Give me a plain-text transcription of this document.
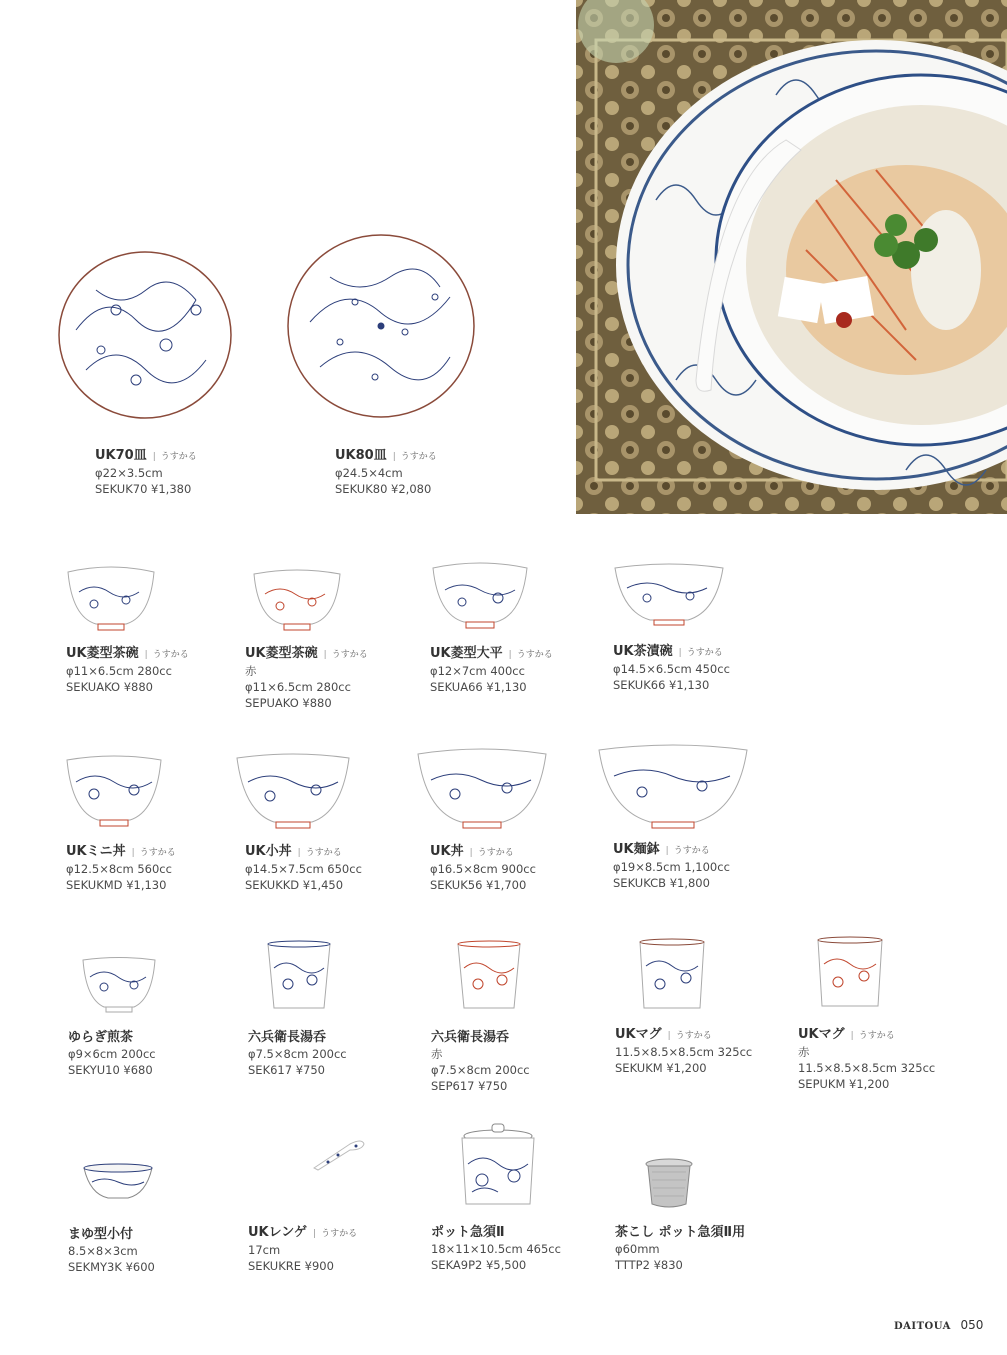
UK70皿 | うすかる
φ22×3.5cm
SEKUK70 ¥1,380
UK80皿 | うすかる
φ24.5×4cm
SEKUK80 ¥2,080
UK菱型茶碗 | うすかる
φ11×6.5cm 280cc
SEKUAKO ¥880
UK菱型茶碗 | うすかる
赤
φ11×6.5cm 280cc
SEPUAKO ¥880
UK菱型大平 | うすかる
φ12×7cm 400cc
SEKUA66 ¥1,130
UK茶漬碗 | うすかる
φ14.5×6.5cm 450cc
SEKUK66 ¥1,130
UKミニ丼 | うすかる
φ12.5×8cm 560cc
SEKUKMD ¥1,130
UK小丼 | うすかる
φ14.5×7.5cm 650cc
SEKUKKD ¥1,450
UK丼 | うすかる
φ16.5×8cm 900cc
SEKUK56 ¥1,700
UK麺鉢 | うすかる
φ19×8.5cm 1,100cc
SEKUKCB ¥1,800
ゆらぎ煎茶
φ9×6cm 200cc
SEKYU10 ¥680
六兵衛長湯呑
φ7.5×8cm 200cc
SEK617 ¥750
六兵衛長湯呑
赤
φ7.5×8cm 200cc
SEP617 ¥750
UKマグ | うすかる
11.5×8.5×8.5cm 325cc
SEKUKM ¥1,200
UKマグ | うすかる
赤
11.5×8.5×8.5cm 325cc
SEPUKM ¥1,200
まゆ型小付
8.5×8×3cm
SEKMY3K ¥600
UKレンゲ | うすかる
17cm
SEKUKRE ¥900
ポット急須Ⅱ
18×11×10.5cm 465cc
SEKA9P2 ¥5,500
茶こし ポット急須Ⅱ用
φ60mm
TTTP2 ¥830
DAITOUA 050
